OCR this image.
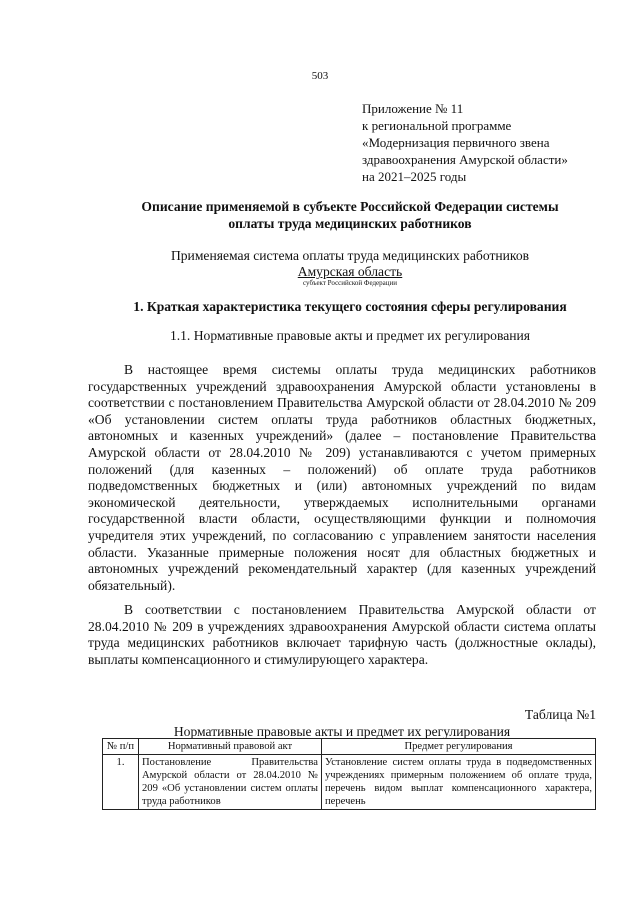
503
Приложение № 11
к региональной программе
«Модернизация первичного звена
здравоохранения Амурской области»
на 2021–2025 годы
Описание применяемой в субъекте Российской Федерации системы
оплаты труда медицинских работников
Применяемая система оплаты труда медицинских работников
Амурская область
субъект Российской Федерации
1. Краткая характеристика текущего состояния сферы регулирования
1.1. Нормативные правовые акты и предмет их регулирования

В настоящее время системы оплаты труда медицинских работников государственных учреждений здравоохранения Амурской области установлены в соответствии с постановлением Правительства Амурской области от 28.04.2010 № 209 «Об установлении систем оплаты труда работников областных бюджетных, автономных и казенных учреждений» (далее – постановление Правительства Амурской области от 28.04.2010 № 209) устанавливаются с учетом примерных положений (для казенных – положений) об оплате труда работников подведомственных бюджетных и (или) автономных учреждений по видам экономической деятельности, утверждаемых исполнительными органами государственной власти области, осуществляющими функции и полномочия учредителя этих учреждений, по согласованию с управлением занятости населения области. Указанные примерные положения носят для областных бюджетных и автономных учреждений рекомендательный характер (для казенных учреждений обязательный).

В соответствии с постановлением Правительства Амурской области от 28.04.2010 № 209 в учреждениях здравоохранения Амурской области система оплаты труда медицинских работников включает тарифную часть (должностные оклады), выплаты компенсационного и стимулирующего характера.

Таблица №1
Нормативные правовые акты и предмет их регулирования
№ п/п	Нормативный правовой акт	Предмет регулирования
1.	Постановление Правительства Амурской области от 28.04.2010 № 209 «Об установлении систем оплаты труда работников	Установление систем оплаты труда в подведомственных учреждениях примерным положением об оплате труда, перечень видом выплат компенсационного характера, перечень
